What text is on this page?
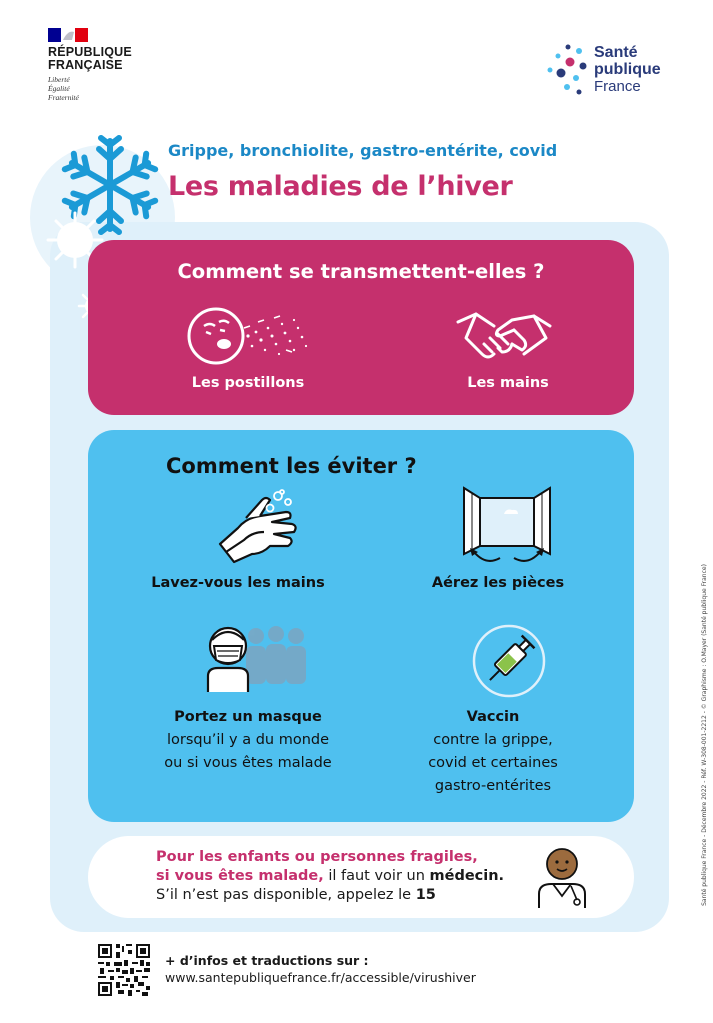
RÉPUBLIQUE
FRANÇAISE
Liberté
Égalité
Fraternité
Santé
publique
France
Grippe, bronchiolite, gastro-entérite, covid
Les maladies de l’hiver
Comment se transmettent-elles ?
Les postillons	Les mains
Comment les éviter ?
Lavez-vous les mains	Aérez les pièces
Portez un masque
lorsqu’il y a du monde
ou si vous êtes malade
Vaccin
contre la grippe,
covid et certaines
gastro-entérites
Pour les enfants ou personnes fragiles,
si vous êtes malade, il faut voir un médecin.
S’il n’est pas disponible, appelez le 15
+ d’infos et traductions sur :
www.santepubliquefrance.fr/accessible/virushiver
Santé publique France - Décembre 2022 - Réf. W-308-001-2212 - © Graphisme : O.Mayer (Santé publique France)
